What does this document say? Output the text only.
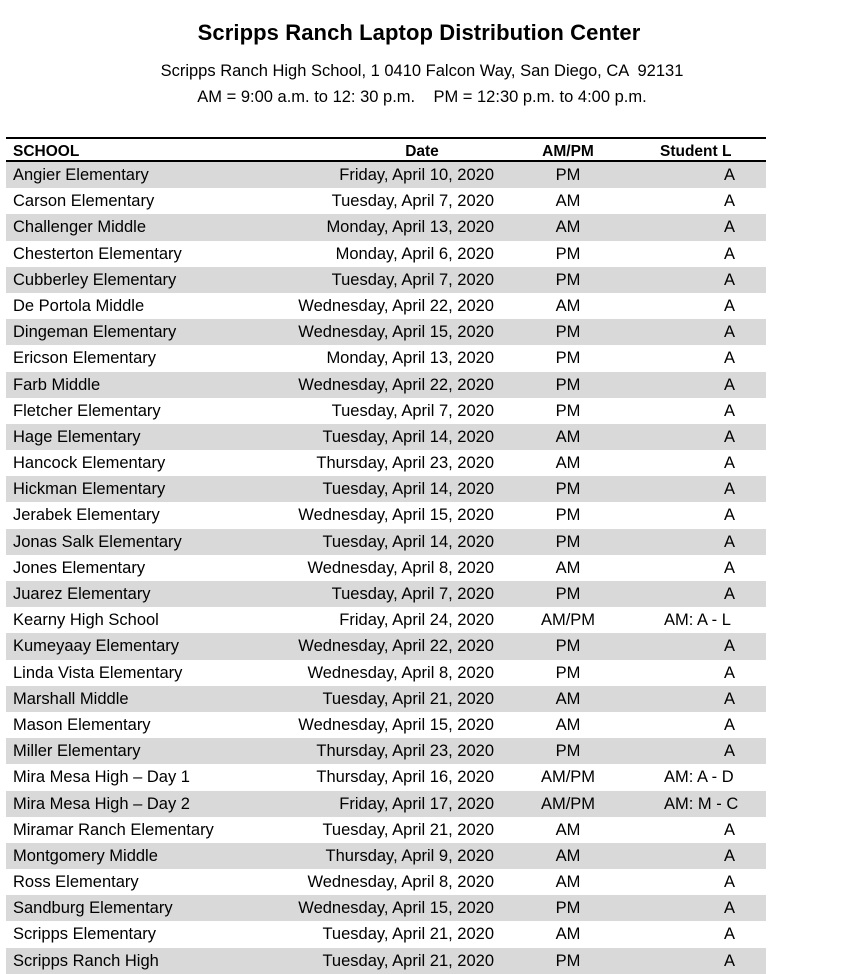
Scripps Ranch Laptop Distribution Center
Scripps Ranch High School, 1 0410 Falcon Way, San Diego, CA  92131
AM = 9:00 a.m. to 12: 30 p.m.    PM = 12:30 p.m. to 4:00 p.m.
SCHOOL	Date	AM/PM	Student L
Angier Elementary	Friday, April 10, 2020	PM	A
Carson Elementary	Tuesday, April 7, 2020	AM	A
Challenger Middle	Monday, April 13, 2020	AM	A
Chesterton Elementary	Monday, April 6, 2020	PM	A
Cubberley Elementary	Tuesday, April 7, 2020	PM	A
De Portola Middle	Wednesday, April 22, 2020	AM	A
Dingeman Elementary	Wednesday, April 15, 2020	PM	A
Ericson Elementary	Monday, April 13, 2020	PM	A
Farb Middle	Wednesday, April 22, 2020	PM	A
Fletcher Elementary	Tuesday, April 7, 2020	PM	A
Hage Elementary	Tuesday, April 14, 2020	AM	A
Hancock Elementary	Thursday, April 23, 2020	AM	A
Hickman Elementary	Tuesday, April 14, 2020	PM	A
Jerabek Elementary	Wednesday, April 15, 2020	PM	A
Jonas Salk Elementary	Tuesday, April 14, 2020	PM	A
Jones Elementary	Wednesday, April 8, 2020	AM	A
Juarez Elementary	Tuesday, April 7, 2020	PM	A
Kearny High School	Friday, April 24, 2020	AM/PM	AM: A - L
Kumeyaay Elementary	Wednesday, April 22, 2020	PM	A
Linda Vista Elementary	Wednesday, April 8, 2020	PM	A
Marshall Middle	Tuesday, April 21, 2020	AM	A
Mason Elementary	Wednesday, April 15, 2020	AM	A
Miller Elementary	Thursday, April 23, 2020	PM	A
Mira Mesa High – Day 1	Thursday, April 16, 2020	AM/PM	AM: A - D
Mira Mesa High – Day 2	Friday, April 17, 2020	AM/PM	AM: M - C
Miramar Ranch Elementary	Tuesday, April 21, 2020	AM	A
Montgomery Middle	Thursday, April 9, 2020	AM	A
Ross Elementary	Wednesday, April 8, 2020	AM	A
Sandburg Elementary	Wednesday, April 15, 2020	PM	A
Scripps Elementary	Tuesday, April 21, 2020	AM	A
Scripps Ranch High	Tuesday, April 21, 2020	PM	A
